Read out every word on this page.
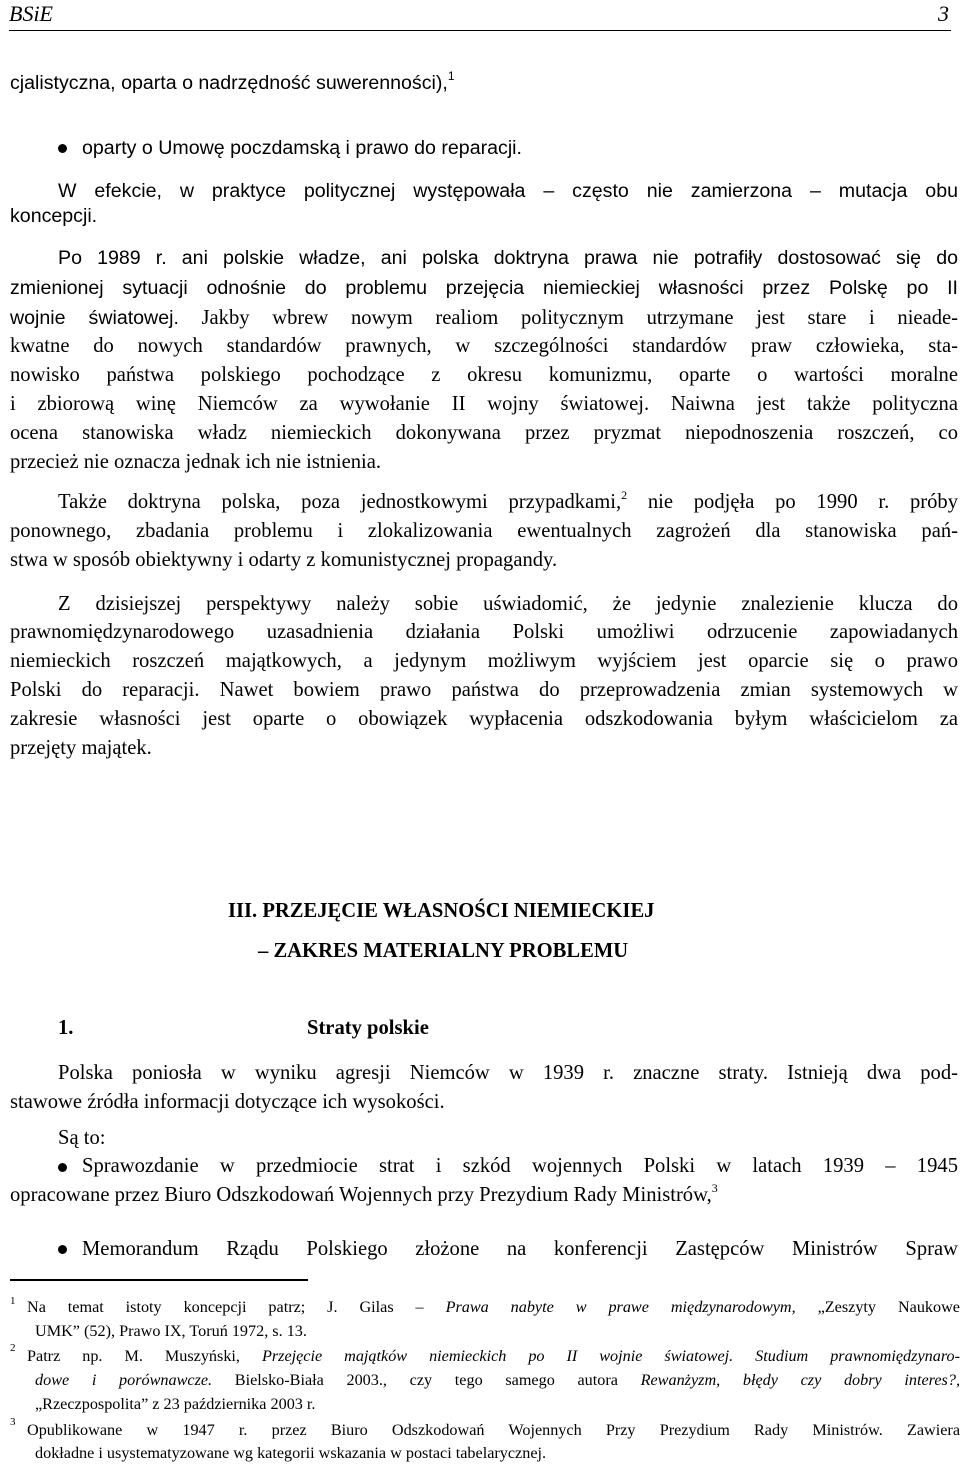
BSiE	3
cjalistyczna, oparta o nadrzędność suwerenności),$^1$
oparty o Umowę poczdamską i prawo do reparacji.
W efekcie, w praktyce politycznej występowała – często nie zamierzona – mutacja obu
koncepcji.
Po 1989 r. ani polskie władze, ani polska doktryna prawa nie potrafiły dostosować się do
zmienionej sytuacji odnośnie do problemu przejęcia niemieckiej własności przez Polskę po II
wojnie światowej. Jakby wbrew nowym realiom politycznym utrzymane jest stare i nieade-
kwatne do nowych standardów prawnych, w szczególności standardów praw człowieka, sta-
nowisko państwa polskiego pochodzące z okresu komunizmu, oparte o wartości moralne
i zbiorową winę Niemców za wywołanie II wojny światowej. Naiwna jest także polityczna
ocena stanowiska władz niemieckich dokonywana przez pryzmat niepodnoszenia roszczeń, co
przecież nie oznacza jednak ich nie istnienia.
Także doktryna polska, poza jednostkowymi przypadkami,$^2$ nie podjęła po 1990 r. próby
ponownego, zbadania problemu i zlokalizowania ewentualnych zagrożeń dla stanowiska pań-
stwa w sposób obiektywny i odarty z komunistycznej propagandy.
Z dzisiejszej perspektywy należy sobie uświadomić, że jedynie znalezienie klucza do
prawnomiędzynarodowego uzasadnienia działania Polski umożliwi odrzucenie zapowiadanych
niemieckich roszczeń majątkowych, a jedynym możliwym wyjściem jest oparcie się o prawo
Polski do reparacji. Nawet bowiem prawo państwa do przeprowadzenia zmian systemowych w
zakresie własności jest oparte o obowiązek wypłacenia odszkodowania byłym właścicielom za
przejęty majątek.
III. PRZEJĘCIE WŁASNOŚCI NIEMIECKIEJ
– ZAKRES MATERIALNY PROBLEMU
1.	Straty polskie
Polska poniosła w wyniku agresji Niemców w 1939 r. znaczne straty. Istnieją dwa pod-
stawowe źródła informacji dotyczące ich wysokości.
Są to:
Sprawozdanie w przedmiocie strat i szkód wojennych Polski w latach 1939 – 1945
opracowane przez Biuro Odszkodowań Wojennych przy Prezydium Rady Ministrów,$^3$
Memorandum Rządu Polskiego złożone na konferencji Zastępców Ministrów Spraw
1 Na temat istoty koncepcji patrz; J. Gilas – Prawa nabyte w prawe międzynarodowym, „Zeszyty Naukowe
UMK” (52), Prawo IX, Toruń 1972, s. 13.
2 Patrz np. M. Muszyński, Przejęcie majątków niemieckich po II wojnie światowej. Studium prawnomiędzynaro-
dowe i porównawcze. Bielsko-Biała 2003., czy tego samego autora Rewanżyzm, błędy czy dobry interes?,
„Rzeczpospolita” z 23 października 2003 r.
3 Opublikowane w 1947 r. przez Biuro Odszkodowań Wojennych Przy Prezydium Rady Ministrów. Zawiera
dokładne i usystematyzowane wg kategorii wskazania w postaci tabelarycznej.
